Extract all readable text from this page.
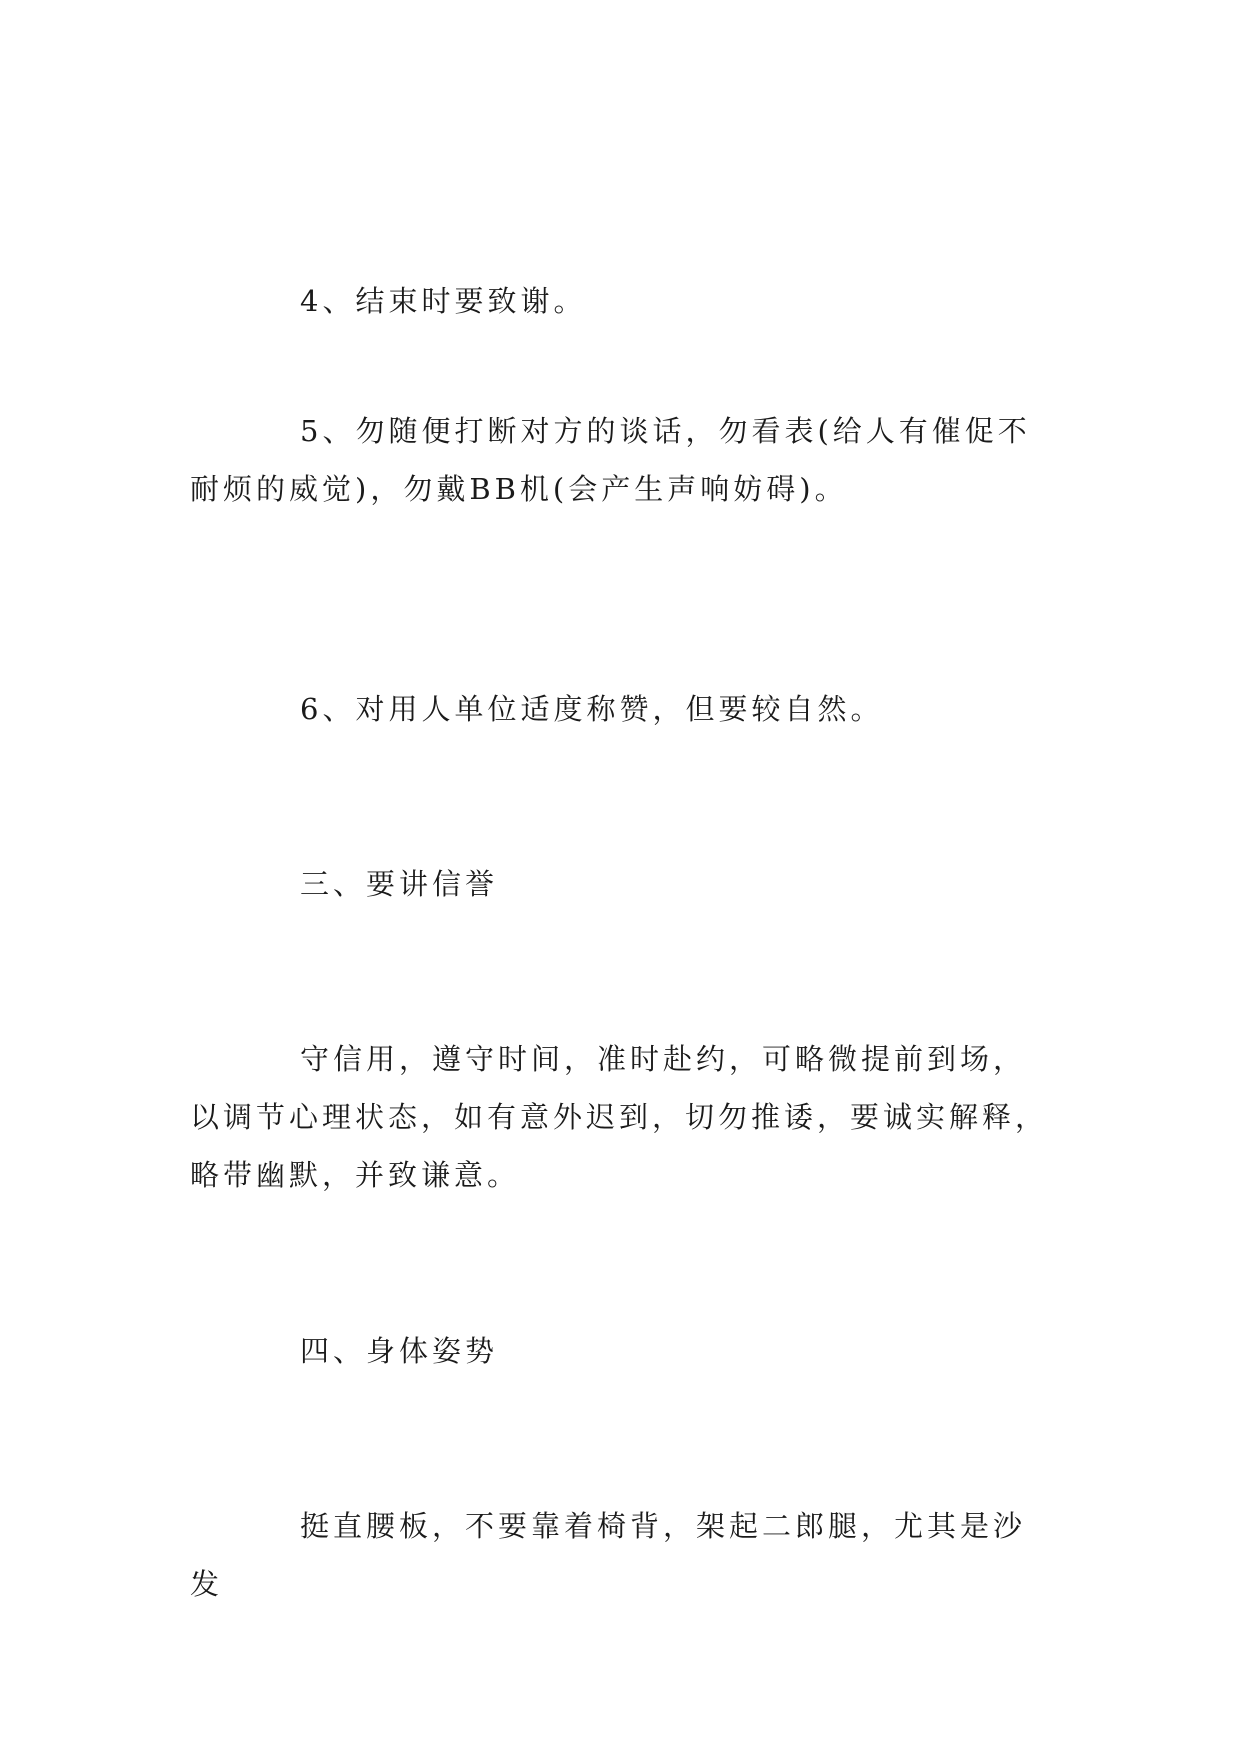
4、结束时要致谢。

5、勿随便打断对方的谈话，勿看表(给人有催促不耐烦的威觉)，勿戴BB机(会产生声响妨碍)。

6、对用人单位适度称赞，但要较自然。

三、要讲信誉

守信用，遵守时间，准时赴约，可略微提前到场，以调节心理状态，如有意外迟到，切勿推诿，要诚实解释，略带幽默，并致谦意。

四、身体姿势

挺直腰板，不要靠着椅背，架起二郎腿，尤其是沙发
